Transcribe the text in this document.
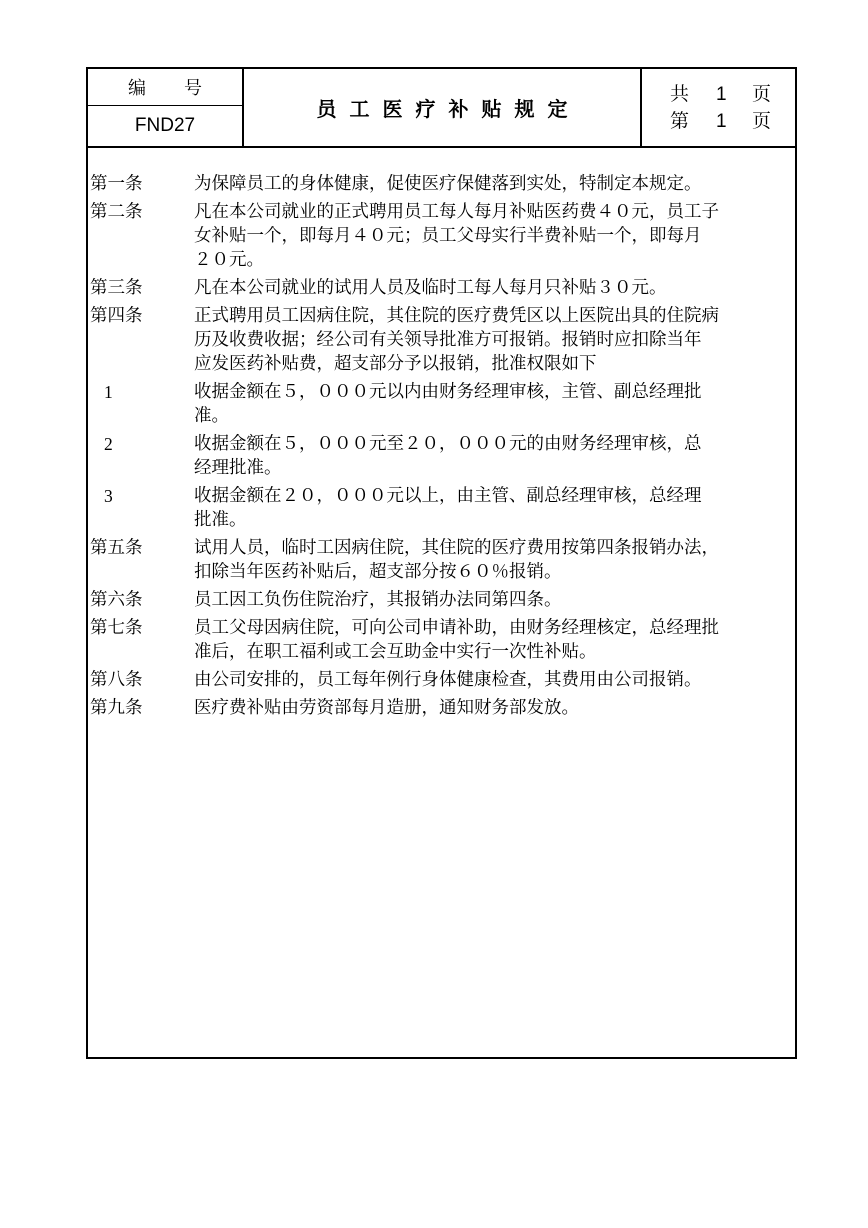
编号
FND27
员工医疗补贴规定
共	1	页
第	1	页
第一条	为保障员工的身体健康，促使医疗保健落到实处，特制定本规定。
第二条	凡在本公司就业的正式聘用员工每人每月补贴医药费４０元，员工子
女补贴一个，即每月４０元；员工父母实行半费补贴一个，即每月
２０元。
第三条	凡在本公司就业的试用人员及临时工每人每月只补贴３０元。
第四条	正式聘用员工因病住院，其住院的医疗费凭区以上医院出具的住院病
历及收费收据；经公司有关领导批准方可报销。报销时应扣除当年
应发医药补贴费，超支部分予以报销，批准权限如下
1	收据金额在５，０００元以内由财务经理审核，主管、副总经理批
准。
2	收据金额在５，０００元至２０，０００元的由财务经理审核，总
经理批准。
3	收据金额在２０，０００元以上，由主管、副总经理审核，总经理
批准。
第五条	试用人员，临时工因病住院，其住院的医疗费用按第四条报销办法，
扣除当年医药补贴后，超支部分按６０％报销。
第六条	员工因工负伤住院治疗，其报销办法同第四条。
第七条	员工父母因病住院，可向公司申请补助，由财务经理核定，总经理批
准后，在职工福利或工会互助金中实行一次性补贴。
第八条	由公司安排的，员工每年例行身体健康检查，其费用由公司报销。
第九条	医疗费补贴由劳资部每月造册，通知财务部发放。
